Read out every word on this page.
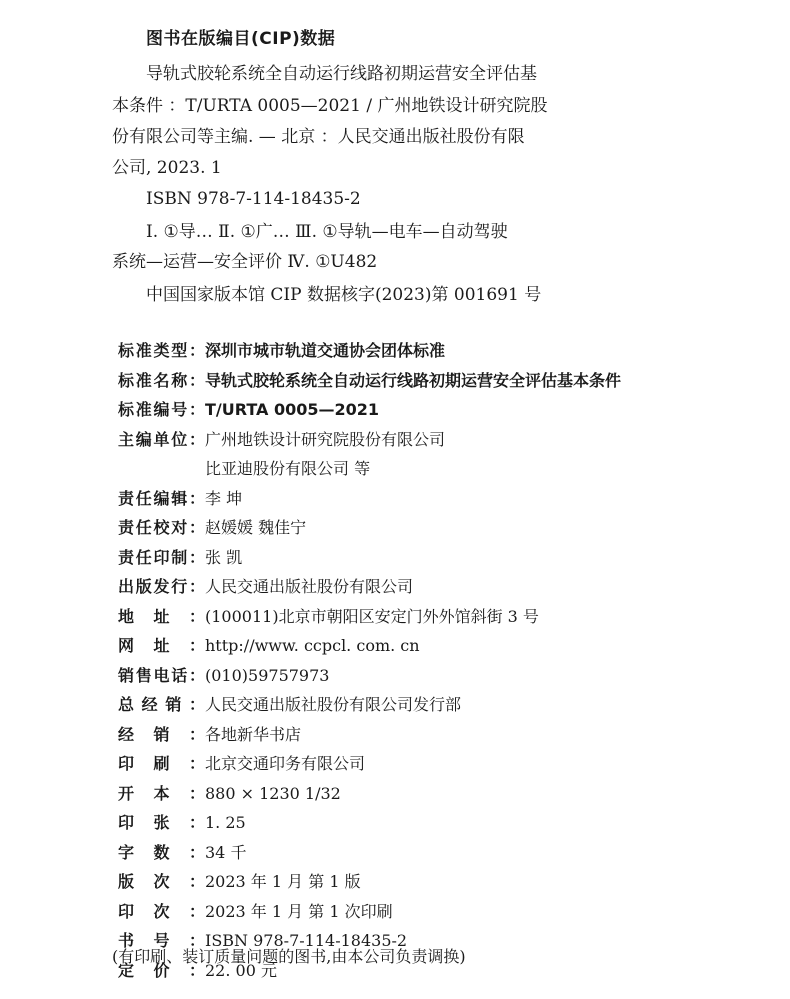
图书在版编目(CIP)数据
导轨式胶轮系统全自动运行线路初期运营安全评估基
本条件 ：T/URTA 0005—2021 / 广州地铁设计研究院股
份有限公司等主编. — 北京 ：人民交通出版社股份有限
公司, 2023. 1
ISBN 978-7-114-18435-2
Ⅰ. ①导… Ⅱ. ①广… Ⅲ. ①导轨—电车—自动驾驶
系统—运营—安全评价 Ⅳ. ①U482
中国国家版本馆 CIP 数据核字(2023)第 001691 号
标 准 类 型 ： 深圳市城市轨道交通协会团体标准
标 准 名 称 ： 导轨式胶轮系统全自动运行线路初期运营安全评估基本条件
标 准 编 号 ： T/URTA 0005—2021
主 编 单 位 ： 广州地铁设计研究院股份有限公司
比亚迪股份有限公司 等
责 任 编 辑 ： 李 坤
责 任 校 对 ： 赵媛媛 魏佳宁
责 任 印 制 ： 张 凯
出 版 发 行 ： 人民交通出版社股份有限公司
地 址 ： (100011)北京市朝阳区安定门外外馆斜街 3 号
网 址 ： http://www. ccpcl. com. cn
销 售 电 话 ： (010)59757973
总 经 销 ： 人民交通出版社股份有限公司发行部
经 销 ： 各地新华书店
印 刷 ： 北京交通印务有限公司
开 本 ： 880 × 1230 1/32
印 张 ： 1. 25
字 数 ： 34 千
版 次 ： 2023 年 1 月 第 1 版
印 次 ： 2023 年 1 月 第 1 次印刷
书 号 ： ISBN 978-7-114-18435-2
定 价 ： 22. 00 元
(有印刷、装订质量问题的图书,由本公司负责调换)
